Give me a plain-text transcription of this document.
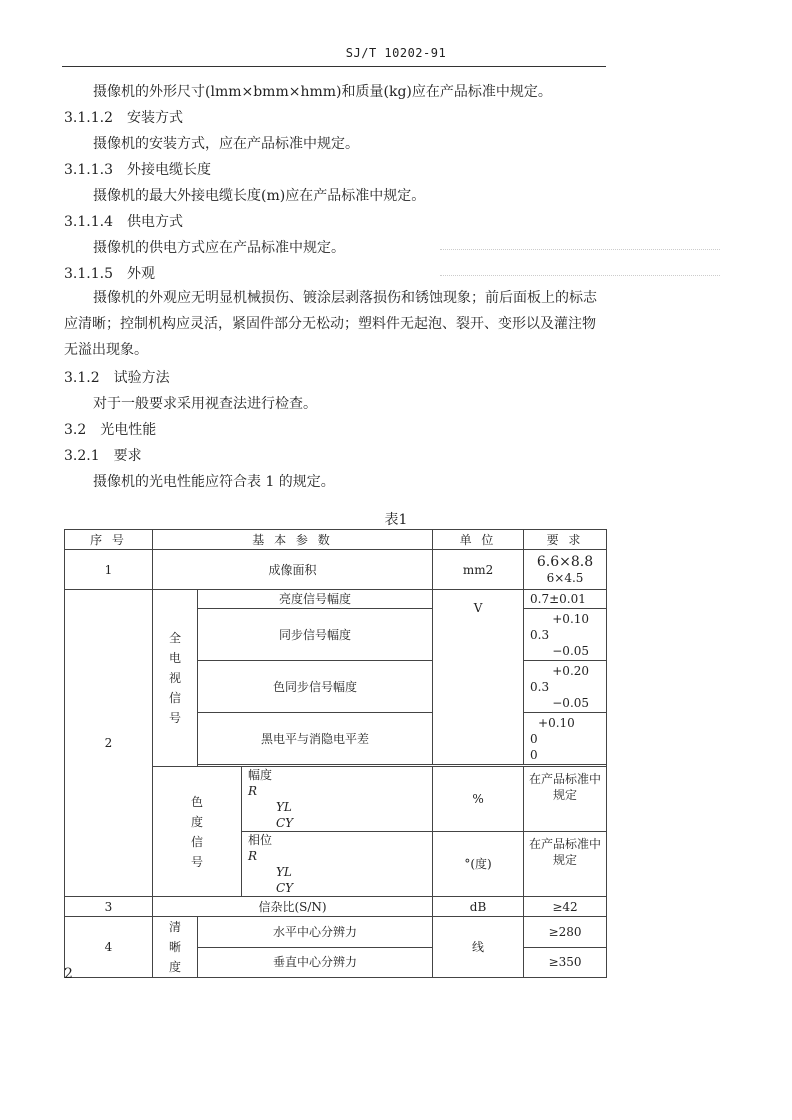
SJ/T 10202-91
摄像机的外形尺寸(lmm×bmm×hmm)和质量(kg)应在产品标准中规定。
3.1.1.2　安装方式
摄像机的安装方式，应在产品标准中规定。
3.1.1.3　外接电缆长度
摄像机的最大外接电缆长度(m)应在产品标准中规定。
3.1.1.4　供电方式
摄像机的供电方式应在产品标准中规定。
3.1.1.5　外观
摄像机的外观应无明显机械损伤、镀涂层剥落损伤和锈蚀现象；前后面板上的标志应清晰；控制机构应灵活，紧固件部分无松动；塑料件无起泡、裂开、变形以及灌注物无溢出现象。
3.1.2　试验方法
对于一般要求采用视查法进行检查。
3.2　光电性能
3.2.1　要求
摄像机的光电性能应符合表 1 的规定。
表1
序 号	基 本 参 数			单 位	要 求
1	成像面积			mm2	6.6×8.8
6×4.5

2	全电视信号	亮度信号幅度		V	0.7±0.01
		同步信号幅度			+0.10
0.3
−0.05

		色同步信号幅度			+0.20
0.3
−0.05

		黑电平与消隐电平差			+0.10
0
0

	色度信号		幅度
R
YL
CY	%	在产品标准中规定

			相位
R
YL
CY	°(度)	在产品标准中规定
3	信杂比(S/N)			dB	≥42
4	清晰度	水平中心分辨力		线	≥280
		垂直中心分辨力			≥350
2
